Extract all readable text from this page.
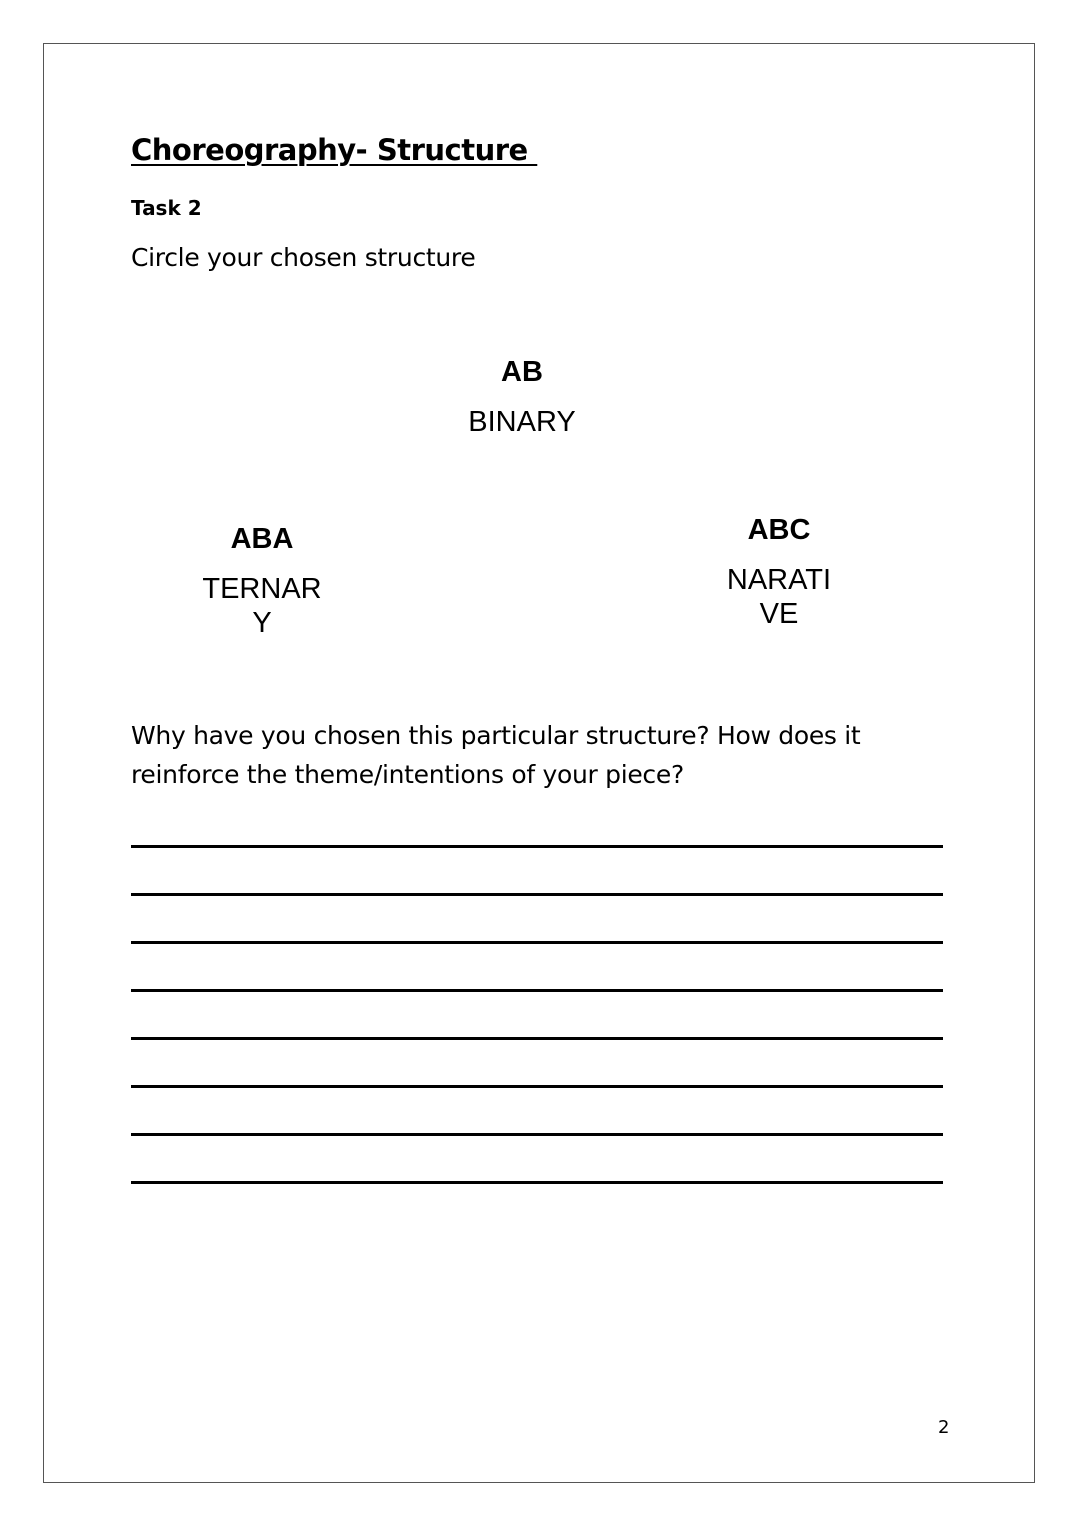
Choreography- Structure
Task 2
Circle your chosen structure
AB
BINARY
ABA
TERNARY
ABC
NARATIVE
Why have you chosen this particular structure? How does it reinforce the theme/intentions of your piece?
2
